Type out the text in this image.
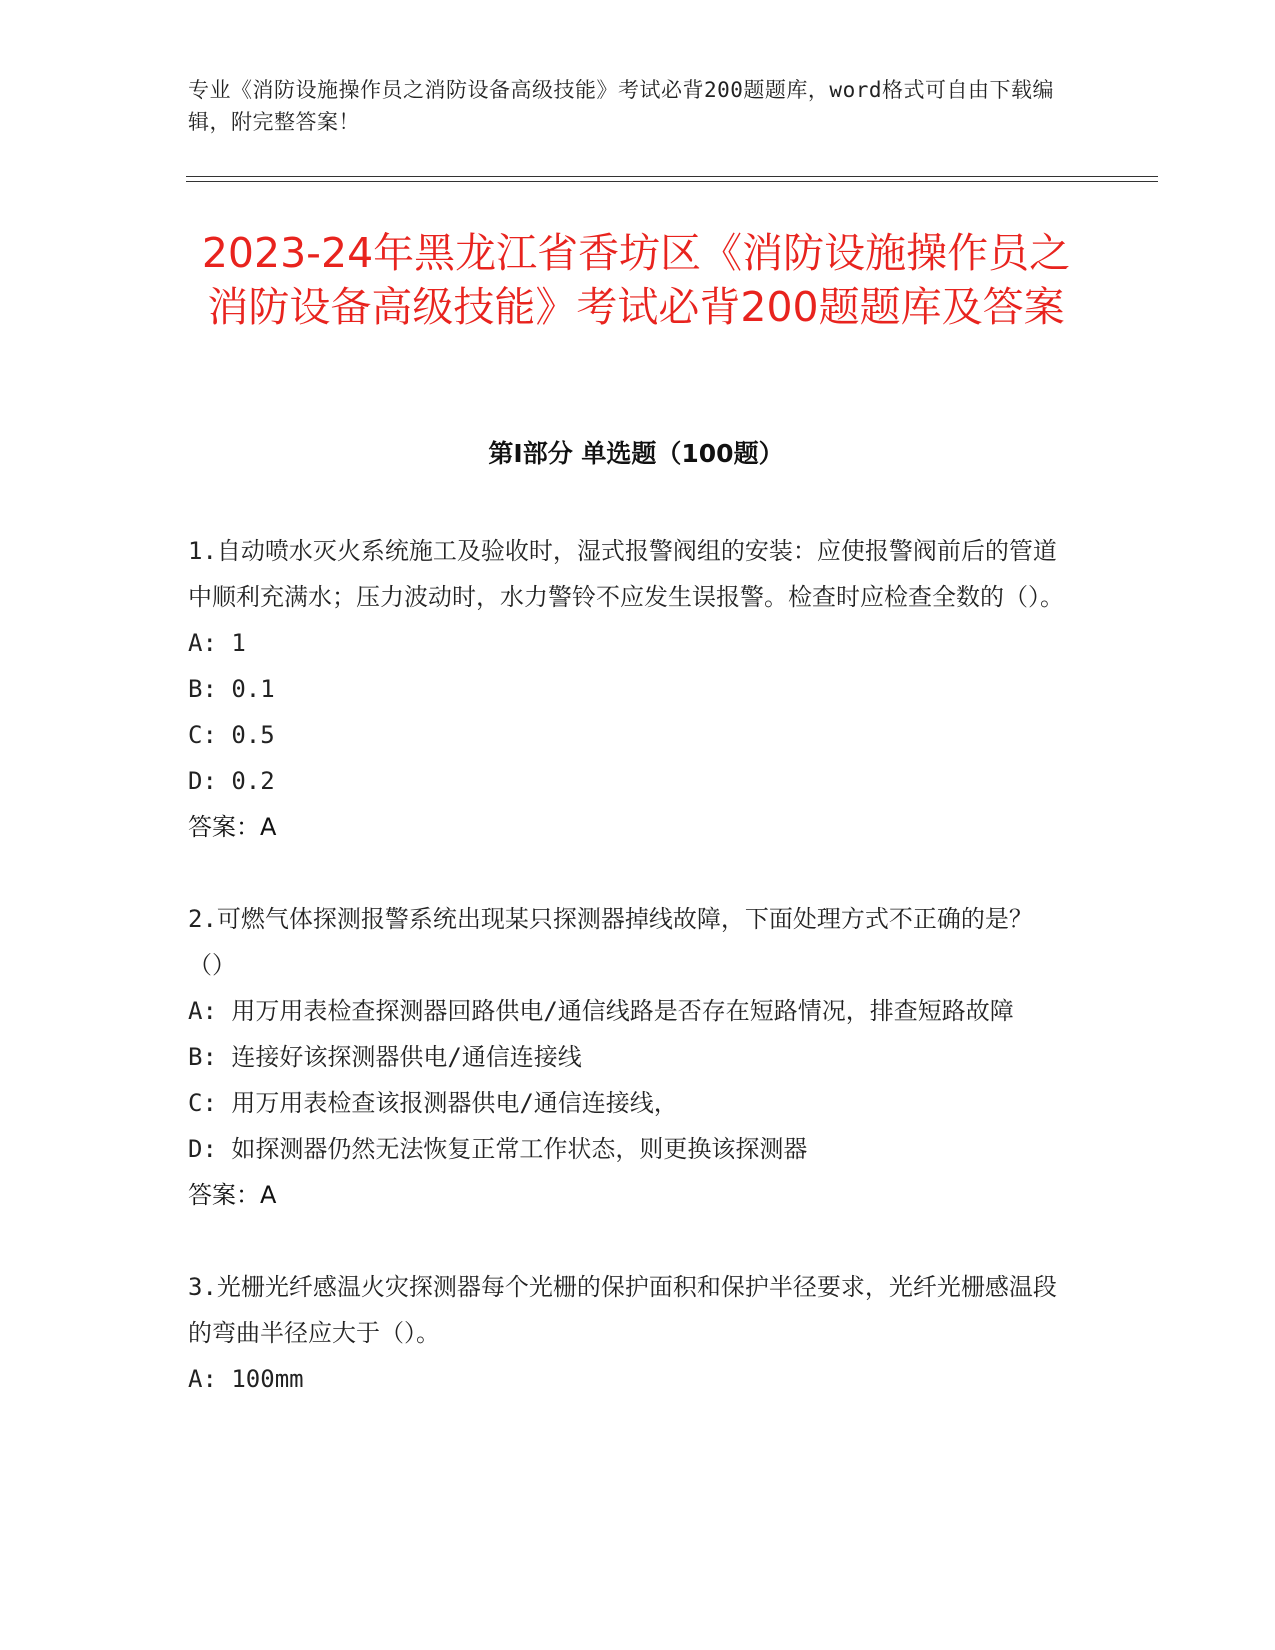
专业《消防设施操作员之消防设备高级技能》考试必背200题题库，word格式可自由下载编辑，附完整答案！
2023-24年黑龙江省香坊区《消防设施操作员之消防设备高级技能》考试必背200题题库及答案
第Ⅰ部分 单选题（100题）

1.自动喷水灭火系统施工及验收时，湿式报警阀组的安装：应使报警阀前后的管道中顺利充满水；压力波动时，水力警铃不应发生误报警。检查时应检查全数的（）。

A: 1

B: 0.1

C: 0.5

D: 0.2

答案：A

2.可燃气体探测报警系统出现某只探测器掉线故障，下面处理方式不正确的是？（）

A: 用万用表检查探测器回路供电/通信线路是否存在短路情况，排查短路故障

B: 连接好该探测器供电/通信连接线

C: 用万用表检查该报测器供电/通信连接线，

D: 如探测器仍然无法恢复正常工作状态，则更换该探测器

答案：A

3.光栅光纤感温火灾探测器每个光栅的保护面积和保护半径要求，光纤光栅感温段的弯曲半径应大于（）。

A: 100mm
